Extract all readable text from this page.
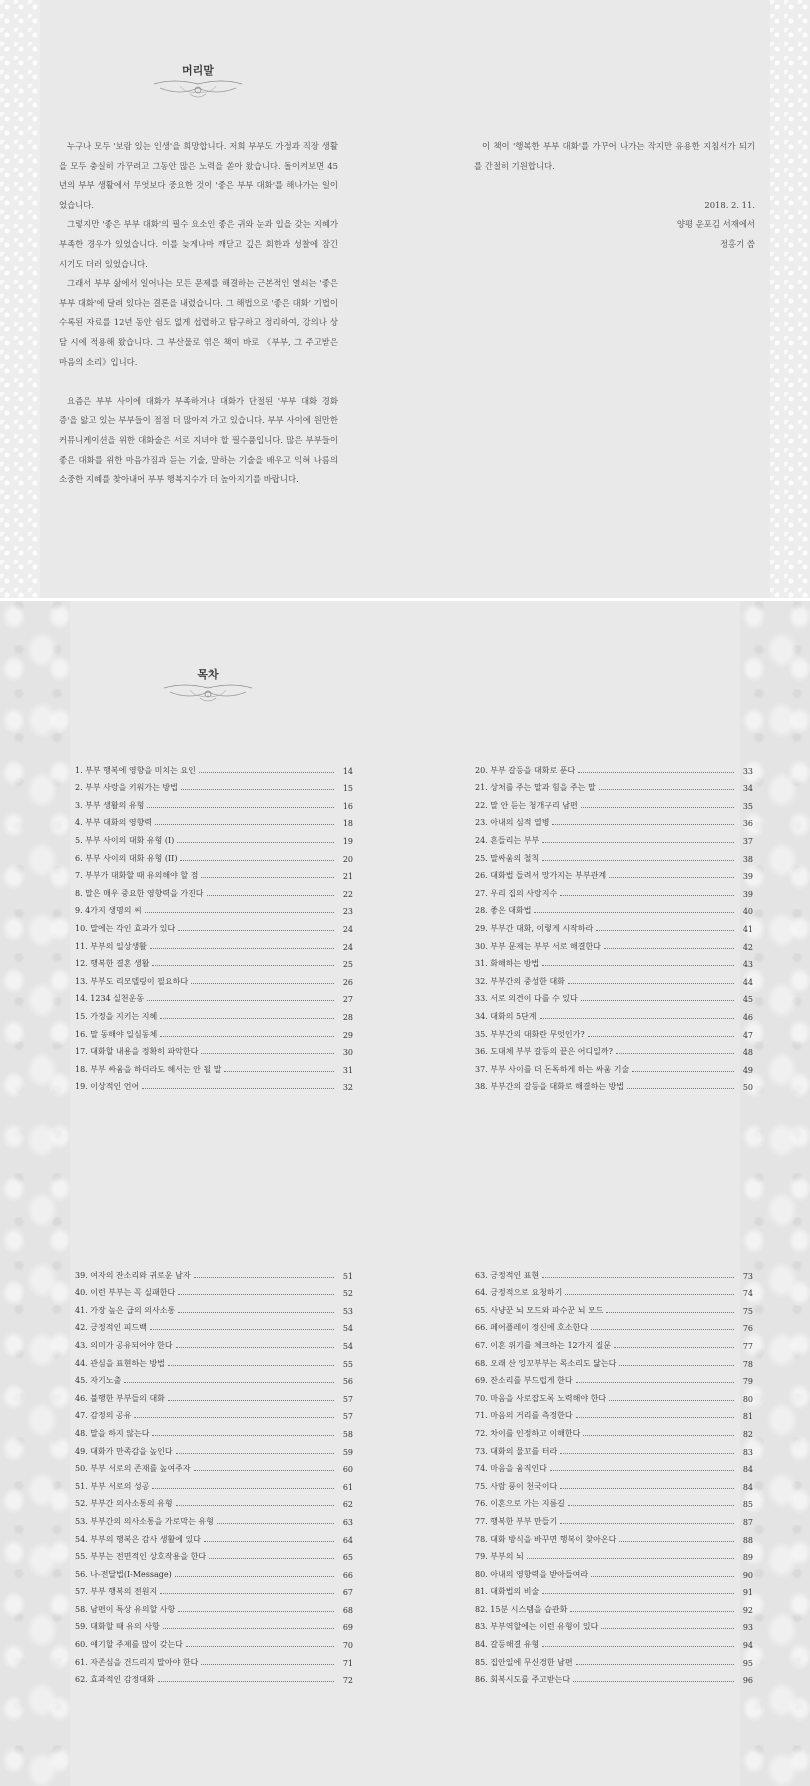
머리말

누구나 모두 '보람 있는 인생'을 희망합니다. 저희 부부도 가정과 직장 생활을 모두 충실히 가꾸려고 그동안 많은 노력을 쏟아 왔습니다. 돌이켜보면 45년의 부부 생활에서 무엇보다 중요한 것이 '좋은 부부 대화'를 해나가는 일이었습니다.

그렇지만 '좋은 부부 대화'의 필수 요소인 좋은 귀와 눈과 입을 갖는 지혜가 부족한 경우가 있었습니다. 이를 늦게나마 깨닫고 깊은 회한과 성찰에 잠긴 시기도 더러 있었습니다.

그래서 부부 삶에서 일어나는 모든 문제를 해결하는 근본적인 열쇠는 '좋은 부부 대화'에 달려 있다는 결론을 내렸습니다. 그 해법으로 '좋은 대화' 기법이 수록된 자료를 12년 동안 쉼도 없게 섭렵하고 탐구하고 정리하여, 강의나 상담 시에 적용해 왔습니다. 그 부산물로 엮은 책이 바로 《부부, 그 주고받은 마음의 소리》입니다.

요즘은 부부 사이에 대화가 부족하거나 대화가 단절된 '부부 대화 경화증'을 앓고 있는 부부들이 점점 더 많아져 가고 있습니다. 부부 사이에 원만한 커뮤니케이션을 위한 대화술은 서로 지녀야 할 필수품입니다. 많은 부부들이 좋은 대화를 위한 마음가짐과 듣는 기술, 말하는 기술을 배우고 익혀 나름의 소중한 지혜를 찾아내어 부부 행복지수가 더 높아지기를 바랍니다.

이 책이 '행복한 부부 대화'를 가꾸어 나가는 작지만 유용한 지침서가 되기를 간절히 기원합니다.

2018. 2. 11.

양평 운포김 서재에서

정홍기 씀

목차
1. 부부 행복에 영향을 미치는 요인	14
2. 부부 사랑을 키워가는 방법	15
3. 부부 생활의 유형	16
4. 부부 대화의 영향력	18
5. 부부 사이의 대화 유형 (I)	19
6. 부부 사이의 대화 유형 (II)	20
7. 부부가 대화할 때 유의해야 할 점	21
8. 말은 매우 중요한 영향력을 가진다	22
9. 4가지 생명의 씨	23
10. 말에는 각인 효과가 있다	24
11. 부부의 일상생활	24
12. 행복한 결혼 생활	25
13. 부부도 리모델링이 필요하다	26
14. 1234 실천운동	27
15. 가정을 지키는 지혜	28
16. 말 동해야 일심동체	29
17. 대화할 내용을 정확히 파악한다	30
18. 부부 싸움을 하더라도 해서는 안 될 말	31
19. 이상적인 언어	32
20. 부부 갈등을 대화로 푼다	33
21. 상처를 주는 말과 힘을 주는 말	34
22. 말 안 듣는 청개구리 남편	35
23. 아내의 심적 열병	36
24. 흔들리는 부부	37
25. 말싸움의 철칙	38
26. 대화법 들려서 망가지는 부부관계	39
27. 우리 집의 사랑지수	39
28. 좋은 대화법	40
29. 부부간 대화, 이렇게 시작하라	41
30. 부부 문제는 부부 서로 해결한다	42
31. 화해하는 방법	43
32. 부부간의 중성한 대화	44
33. 서로 의견이 다를 수 있다	45
34. 대화의 5단계	46
35. 부부간의 대화란 무엇인가?	47
36. 도대체 부부 갈등의 끝은 어디일까?	48
37. 부부 사이를 더 돈독하게 하는 싸움 기술	49
38. 부부간의 갈등을 대화로 해결하는 방법	50
39. 여자의 잔소리와 귀로운 남자	51
40. 이런 부부는 꼭 실패한다	52
41. 가장 높은 급의 의사소통	53
42. 긍정적인 피드백	54
43. 의미가 공유되어야 한다	54
44. 관심을 표현하는 방법	55
45. 자기노출	56
46. 불행한 부부들의 대화	57
47. 감정의 공유	57
48. 말을 하지 않는다	58
49. 대화가 만족감을 높인다	59
50. 부부 서로의 존재를 높여주자	60
51. 부부 서로의 성공	61
52. 부부간 의사소통의 유형	62
53. 부부간의 의사소통을 가로막는 유형	63
54. 부부의 행복은 감사 생활에 있다	64
55. 부부는 전면적인 상호작용을 한다	65
56. 나-전달법(I-Message)	66
57. 부부 행복의 전원지	67
58. 남편이 특상 유의할 사항	68
59. 대화할 때 유의 사항	69
60. 얘기할 주제를 많이 갖는다	70
61. 자존심을 건드리지 말아야 한다	71
62. 효과적인 감정대화	72
63. 긍정적인 표현	73
64. 긍정적으로 요청하기	74
65. 사냥꾼 뇌 모드와 파수꾼 뇌 모드	75
66. 페어플레이 정신에 호소한다	76
67. 이혼 위기를 체크하는 12가지 질문	77
68. 오래 산 잉꼬부부는 목소리도 닮는다	78
69. 잔소리를 부드럽게 한다	79
70. 마음을 사로잡도록 노력해야 한다	80
71. 마음의 거리를 측정한다	81
72. 차이를 인정하고 이해한다	82
73. 대화의 물꼬를 터라	83
74. 마음을 움직인다	84
75. 사람 풍이 천국이다	84
76. 이혼으로 가는 지름길	85
77. 행복한 부부 만들기	87
78. 대화 방식을 바꾸면 행복이 찾아온다	88
79. 부부의 뇌	89
80. 아내의 영향력을 받아들여라	90
81. 대화법의 비술	91
82. 15분 시스템을 습관화	92
83. 부부역할에는 이런 유형이 있다	93
84. 갈등해결 유형	94
85. 집안일에 무신경한 남편	95
86. 회복시도를 주고받는다	96
